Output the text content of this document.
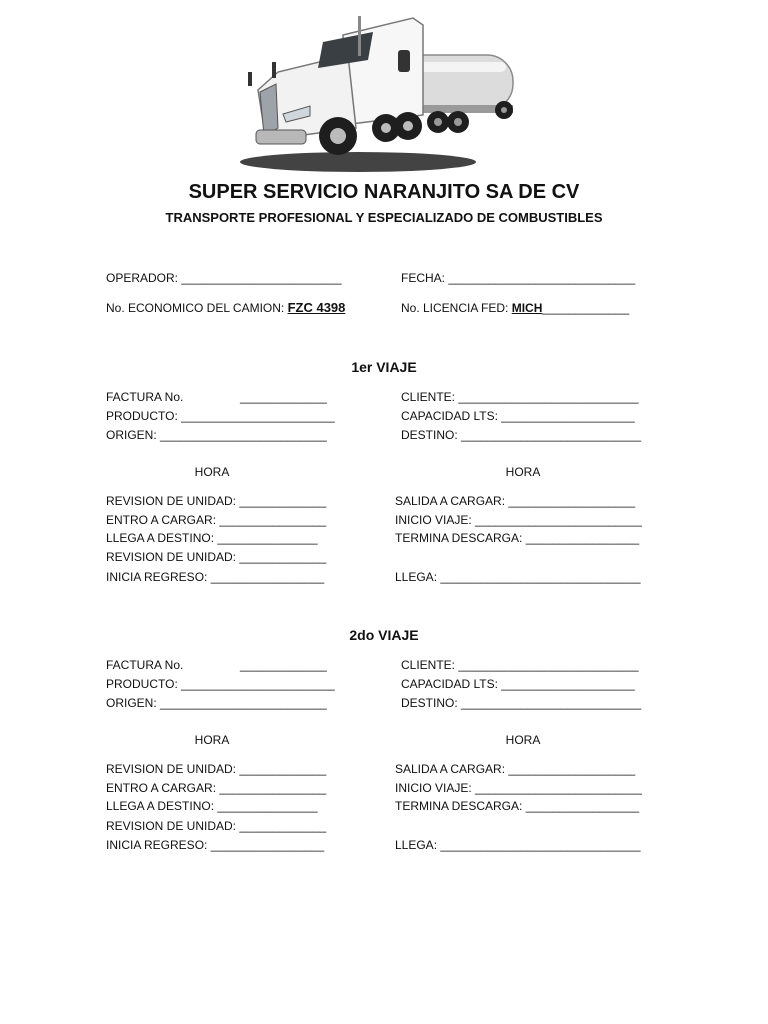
SUPER SERVICIO NARANJITO SA DE CV
TRANSPORTE PROFESIONAL Y ESPECIALIZADO DE COMBUSTIBLES
OPERADOR: ________________________	FECHA: ____________________________
No. ECONOMICO DEL CAMION: FZC 4398	No. LICENCIA FED: MICH_____________
1er VIAJE
FACTURA No.	_____________	CLIENTE: ___________________________
PRODUCTO: _______________________	CAPACIDAD LTS: ____________________
ORIGEN: _________________________	DESTINO: ___________________________
HORA	HORA
REVISION DE UNIDAD: _____________	SALIDA A CARGAR: ___________________
ENTRO A CARGAR: ________________	INICIO VIAJE: _________________________
LLEGA A DESTINO: _______________	TERMINA DESCARGA: _________________
REVISION DE UNIDAD: _____________
INICIA REGRESO: _________________	LLEGA: ______________________________
2do VIAJE
FACTURA No.	_____________	CLIENTE: ___________________________
PRODUCTO: _______________________	CAPACIDAD LTS: ____________________
ORIGEN: _________________________	DESTINO: ___________________________
HORA	HORA
REVISION DE UNIDAD: _____________	SALIDA A CARGAR: ___________________
ENTRO A CARGAR: ________________	INICIO VIAJE: _________________________
LLEGA A DESTINO: _______________	TERMINA DESCARGA: _________________
REVISION DE UNIDAD: _____________
INICIA REGRESO: _________________	LLEGA: ______________________________
